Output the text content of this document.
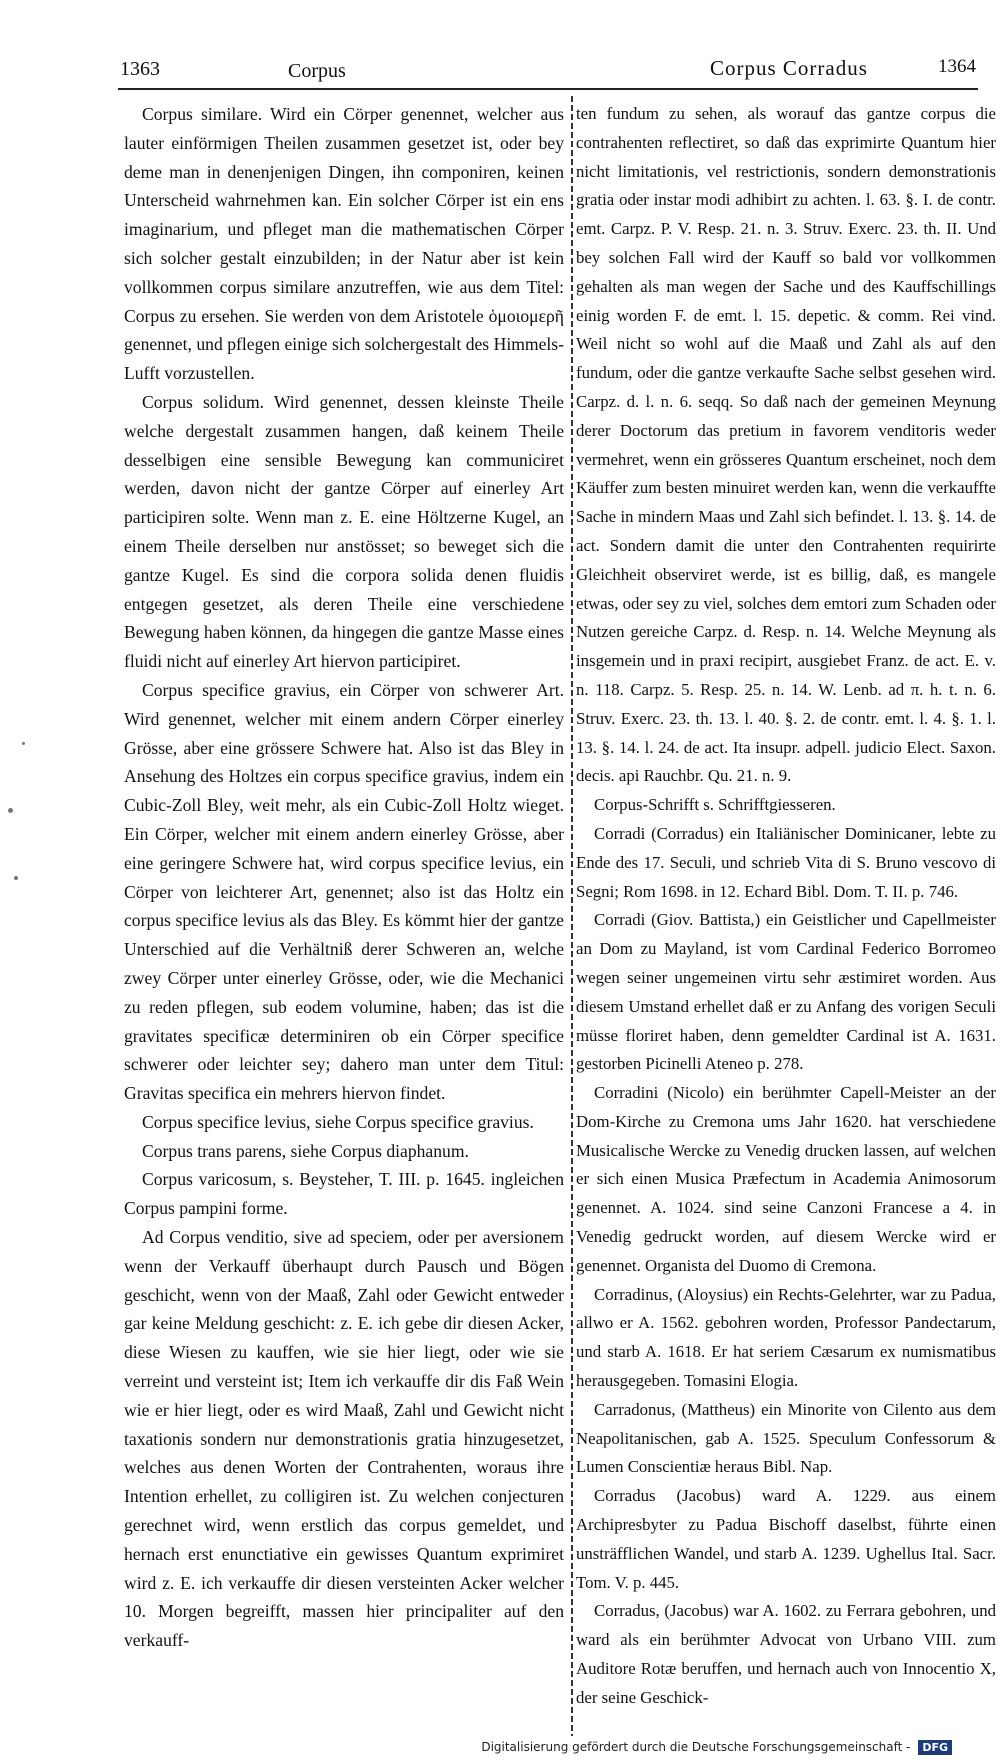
1363	Corpus	Corpus Corradus	1364

Corpus similare. Wird ein Cörper genennet, welcher aus lauter einförmigen Theilen zusammen gesetzet ist, oder bey deme man in denenjenigen Dingen, ihn componiren, keinen Unterscheid wahrnehmen kan. Ein solcher Cörper ist ein ens imaginarium, und pfleget man die mathematischen Cörper sich solcher gestalt einzubilden; in der Natur aber ist kein vollkommen corpus similare anzutreffen, wie aus dem Titel: Corpus zu ersehen. Sie werden von dem Aristotele ὁμοιομερῆ genennet, und pflegen einige sich solchergestalt des Himmels-Lufft vorzustellen.

Corpus solidum. Wird genennet, dessen kleinste Theile welche dergestalt zusammen hangen, daß keinem Theile desselbigen eine sensible Bewegung kan communiciret werden, davon nicht der gantze Cörper auf einerley Art participiren solte. Wenn man z. E. eine Höltzerne Kugel, an einem Theile derselben nur anstösset; so beweget sich die gantze Kugel. Es sind die corpora solida denen fluidis entgegen gesetzet, als deren Theile eine verschiedene Bewegung haben können, da hingegen die gantze Masse eines fluidi nicht auf einerley Art hiervon participiret.

Corpus specifice gravius, ein Cörper von schwerer Art. Wird genennet, welcher mit einem andern Cörper einerley Grösse, aber eine grössere Schwere hat. Also ist das Bley in Ansehung des Holtzes ein corpus specifice gravius, indem ein Cubic-Zoll Bley, weit mehr, als ein Cubic-Zoll Holtz wieget. Ein Cörper, welcher mit einem andern einerley Grösse, aber eine geringere Schwere hat, wird corpus specifice levius, ein Cörper von leichterer Art, genennet; also ist das Holtz ein corpus specifice levius als das Bley. Es kömmt hier der gantze Unterschied auf die Verhältniß derer Schweren an, welche zwey Cörper unter einerley Grösse, oder, wie die Mechanici zu reden pflegen, sub eodem volumine, haben; das ist die gravitates specificæ determiniren ob ein Cörper specifice schwerer oder leichter sey; dahero man unter dem Titul: Gravitas specifica ein mehrers hiervon findet.

Corpus specifice levius, siehe Corpus specifice gravius.

Corpus trans parens, siehe Corpus diaphanum.

Corpus varicosum, s. Beysteher, T. III. p. 1645. ingleichen Corpus pampini forme.

Ad Corpus venditio, sive ad speciem, oder per aversionem wenn der Verkauff überhaupt durch Pausch und Bögen geschicht, wenn von der Maaß, Zahl oder Gewicht entweder gar keine Meldung geschicht: z. E. ich gebe dir diesen Acker, diese Wiesen zu kauffen, wie sie hier liegt, oder wie sie verreint und versteint ist; Item ich verkauffe dir dis Faß Wein wie er hier liegt, oder es wird Maaß, Zahl und Gewicht nicht taxationis sondern nur demonstrationis gratia hinzugesetzet, welches aus denen Worten der Contrahenten, woraus ihre Intention erhellet, zu colligiren ist. Zu welchen conjecturen gerechnet wird, wenn erstlich das corpus gemeldet, und hernach erst enunctiative ein gewisses Quantum exprimiret wird z. E. ich verkauffe dir diesen versteinten Acker welcher 10. Morgen begreifft, massen hier principaliter auf den verkauff-

ten fundum zu sehen, als worauf das gantze corpus die contrahenten reflectiret, so daß das exprimirte Quantum hier nicht limitationis, vel restrictionis, sondern demonstrationis gratia oder instar modi adhibirt zu achten. l. 63. §. I. de contr. emt. Carpz. P. V. Resp. 21. n. 3. Struv. Exerc. 23. th. II. Und bey solchen Fall wird der Kauff so bald vor vollkommen gehalten als man wegen der Sache und des Kauffschillings einig worden F. de emt. l. 15. depetic. & comm. Rei vind. Weil nicht so wohl auf die Maaß und Zahl als auf den fundum, oder die gantze verkaufte Sache selbst gesehen wird. Carpz. d. l. n. 6. seqq. So daß nach der gemeinen Meynung derer Doctorum das pretium in favorem venditoris weder vermehret, wenn ein grösseres Quantum erscheinet, noch dem Käuffer zum besten minuiret werden kan, wenn die verkauffte Sache in mindern Maas und Zahl sich befindet. l. 13. §. 14. de act. Sondern damit die unter den Contrahenten requirirte Gleichheit observiret werde, ist es billig, daß, es mangele etwas, oder sey zu viel, solches dem emtori zum Schaden oder Nutzen gereiche Carpz. d. Resp. n. 14. Welche Meynung als insgemein und in praxi recipirt, ausgiebet Franz. de act. E. v. n. 118. Carpz. 5. Resp. 25. n. 14. W. Lenb. ad π. h. t. n. 6. Struv. Exerc. 23. th. 13. l. 40. §. 2. de contr. emt. l. 4. §. 1. l. 13. §. 14. l. 24. de act. Ita insupr. adpell. judicio Elect. Saxon. decis. api Rauchbr. Qu. 21. n. 9.

Corpus-Schrifft s. Schrifftgiesseren.

Corradi (Corradus) ein Italiänischer Dominicaner, lebte zu Ende des 17. Seculi, und schrieb Vita di S. Bruno vescovo di Segni; Rom 1698. in 12. Echard Bibl. Dom. T. II. p. 746.

Corradi (Giov. Battista,) ein Geistlicher und Capellmeister an Dom zu Mayland, ist vom Cardinal Federico Borromeo wegen seiner ungemeinen virtu sehr æstimiret worden. Aus diesem Umstand erhellet daß er zu Anfang des vorigen Seculi müsse floriret haben, denn gemeldter Cardinal ist A. 1631. gestorben Picinelli Ateneo p. 278.

Corradini (Nicolo) ein berühmter Capell-Meister an der Dom-Kirche zu Cremona ums Jahr 1620. hat verschiedene Musicalische Wercke zu Venedig drucken lassen, auf welchen er sich einen Musica Præfectum in Academia Animosorum genennet. A. 1024. sind seine Canzoni Francese a 4. in Venedig gedruckt worden, auf diesem Wercke wird er genennet. Organista del Duomo di Cremona.

Corradinus, (Aloysius) ein Rechts-Gelehrter, war zu Padua, allwo er A. 1562. gebohren worden, Professor Pandectarum, und starb A. 1618. Er hat seriem Cæsarum ex numismatibus herausgegeben. Tomasini Elogia.

Carradonus, (Mattheus) ein Minorite von Cilento aus dem Neapolitanischen, gab A. 1525. Speculum Confessorum & Lumen Conscientiæ heraus Bibl. Nap.

Corradus (Jacobus) ward A. 1229. aus einem Archipresbyter zu Padua Bischoff daselbst, führte einen unsträfflichen Wandel, und starb A. 1239. Ughellus Ital. Sacr. Tom. V. p. 445.

Corradus, (Jacobus) war A. 1602. zu Ferrara gebohren, und ward als ein berühmter Advocat von Urbano VIII. zum Auditore Rotæ beruffen, und hernach auch von Innocentio X, der seine Geschick-

Digitalisierung gefördert durch die Deutsche Forschungsgemeinschaft - DFG
